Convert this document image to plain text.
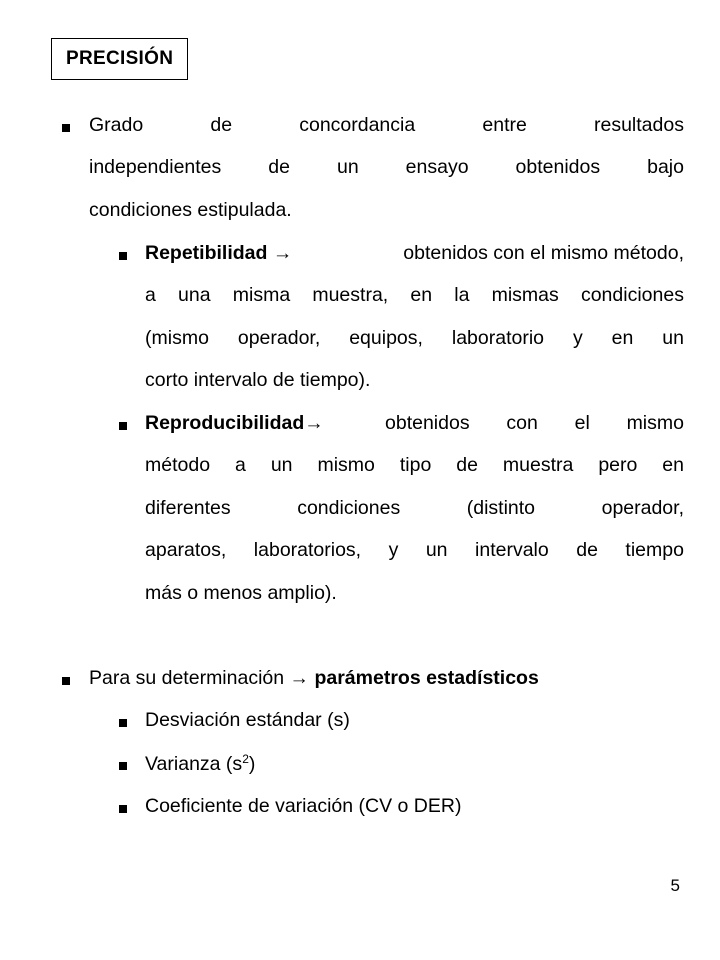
PRECISIÓN
Grado	de	concordancia	entre	resultados
independientes de un ensayo obtenidos bajo
condiciones estipulada.
Repetibilidad →	obtenidos con el mismo método,
a una misma muestra, en la mismas condiciones
(mismo operador, equipos, laboratorio y en un
corto intervalo de tiempo).
Reproducibilidad→	obtenidos con el mismo
método a un mismo tipo de muestra pero en
diferentes	condiciones	(distinto	operador,
aparatos, laboratorios, y un intervalo de tiempo
más o menos amplio).
Para su determinación → parámetros estadísticos
Desviación estándar (s)
Varianza $(s^2)$
Coeficiente de variación (CV o DER)
5
